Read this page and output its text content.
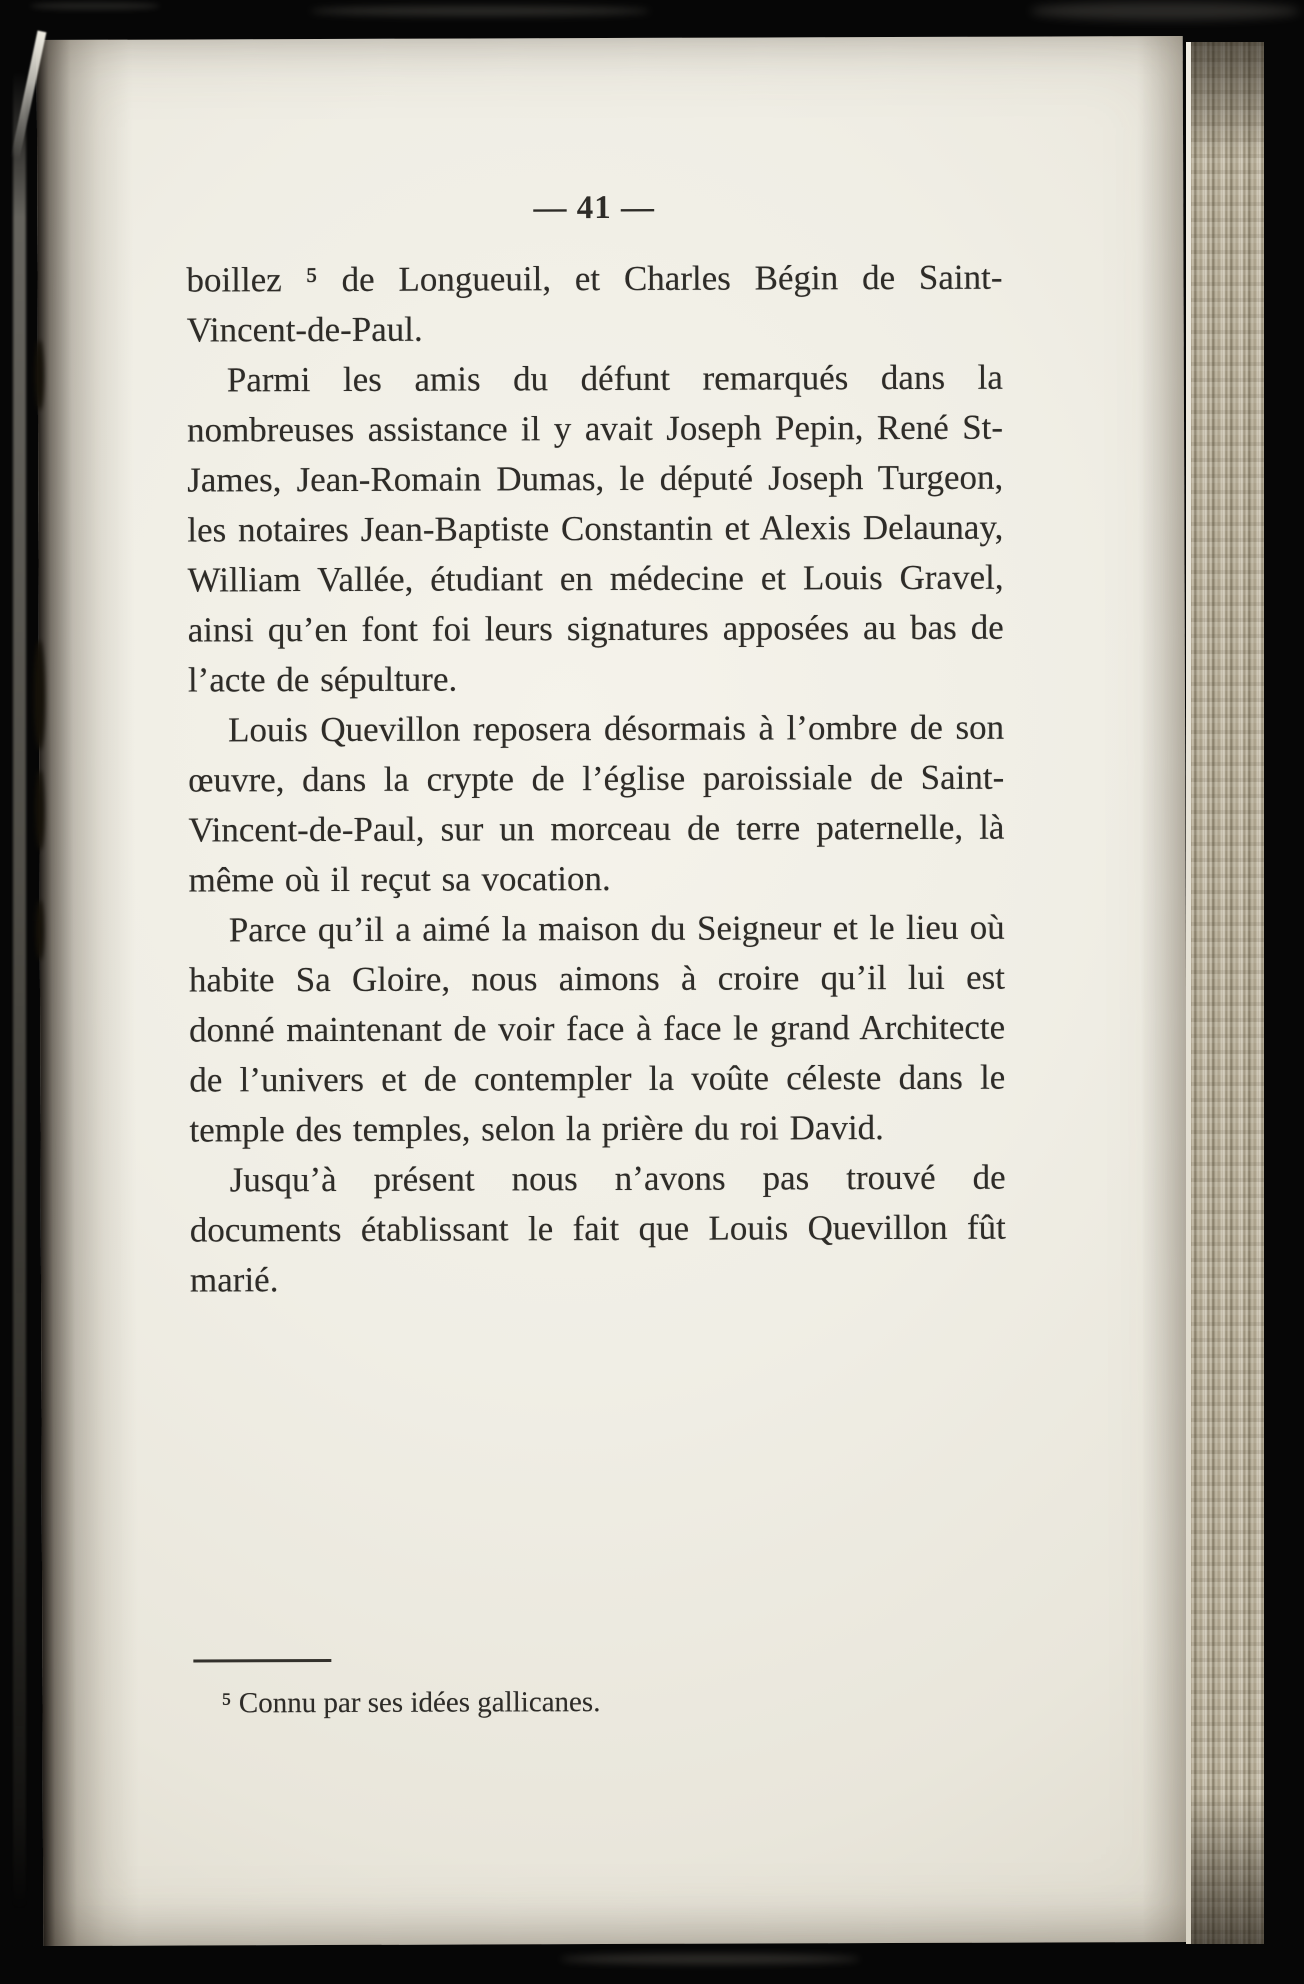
— 41 —

boillez ⁵ de Longueuil, et Charles Bégin de Saint-Vincent-de-Paul.

Parmi les amis du défunt remarqués dans la nombreuses assistance il y avait Joseph Pepin, René St-James, Jean-Romain Dumas, le député Joseph Turgeon, les notaires Jean-Baptiste Constantin et Alexis Delaunay, William Vallée, étudiant en médecine et Louis Gravel, ainsi qu’en font foi leurs signatures apposées au bas de l’acte de sépulture.

Louis Quevillon reposera désormais à l’ombre de son œuvre, dans la crypte de l’église paroissiale de Saint-Vincent-de-Paul, sur un morceau de terre paternelle, là même où il reçut sa vocation.

Parce qu’il a aimé la maison du Seigneur et le lieu où habite Sa Gloire, nous aimons à croire qu’il lui est donné maintenant de voir face à face le grand Architecte de l’univers et de contempler la voûte céleste dans le temple des temples, selon la prière du roi David.

Jusqu’à présent nous n’avons pas trouvé de documents établissant le fait que Louis Quevillon fût marié.

⁵ Connu par ses idées gallicanes.
